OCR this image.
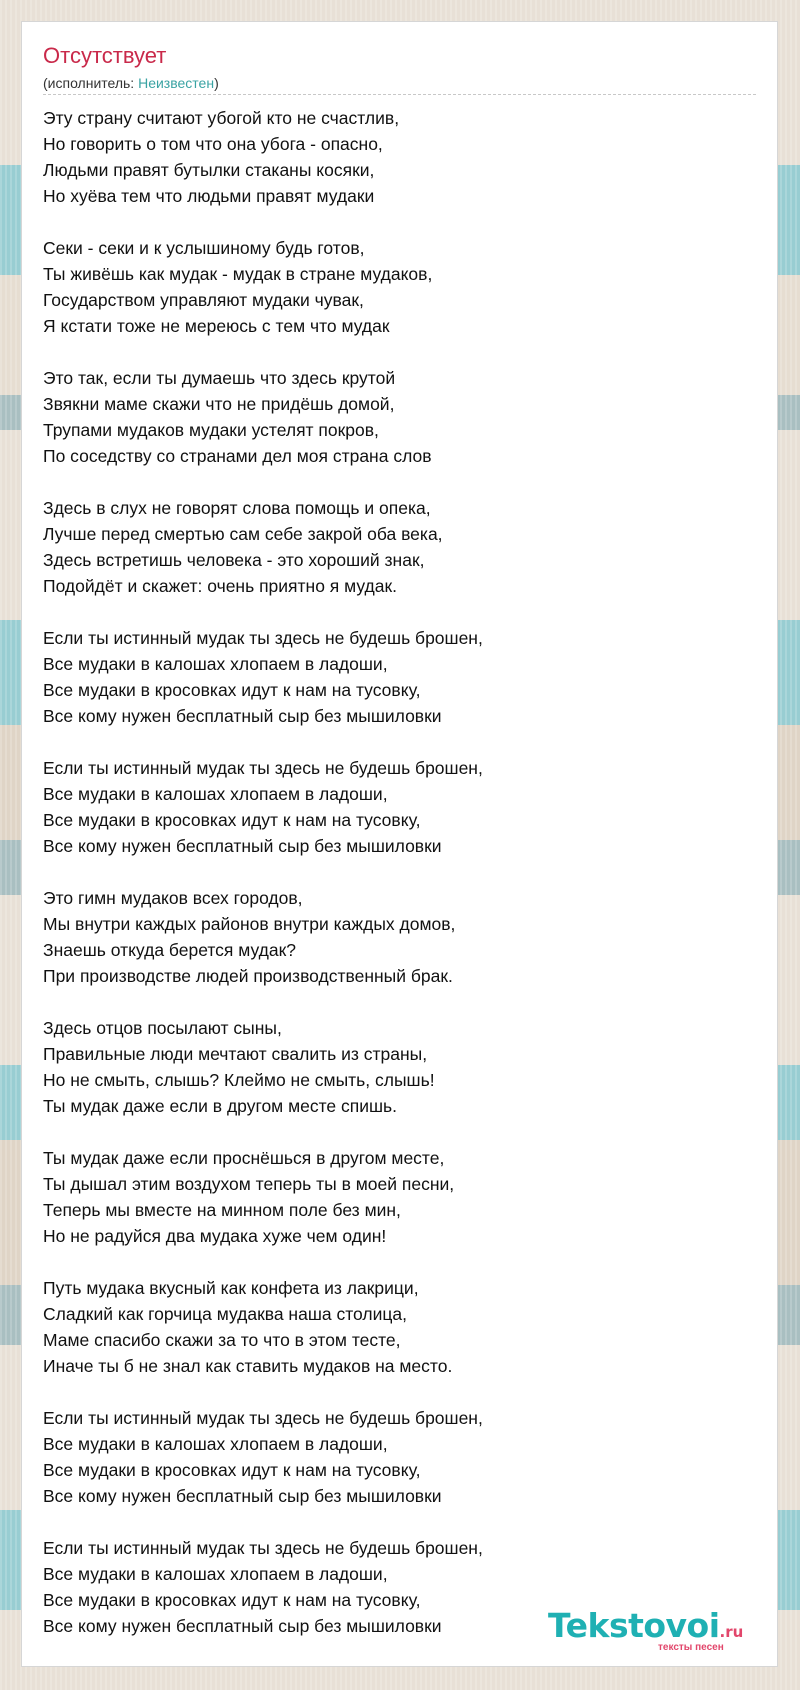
Отсутствует
(исполнитель: Неизвестен)
Эту страну считают убогой кто не счастлив,
Но говорить о том что она убога - опасно,
Людьми правят бутылки стаканы косяки,
Но хуёва тем что людьми правят мудаки
Секи - секи и к услышиному будь готов,
Ты живёшь как мудак - мудак в стране мудаков,
Государством управляют мудаки чувак,
Я кстати тоже не мереюсь с тем что мудак
Это так, если ты думаешь что здесь крутой
Звякни маме скажи что не придёшь домой,
Трупами мудаков мудаки устелят покров,
По соседству со странами дел моя страна слов
Здесь в слух не говорят слова помощь и опека,
Лучше перед смертью сам себе закрой оба века,
Здесь встретишь человека - это хороший знак,
Подойдёт и скажет: очень приятно я мудак.
Если ты истинный мудак ты здесь не будешь брошен,
Все мудаки в калошах хлопаем в ладоши,
Все мудаки в кросовках идут к нам на тусовку,
Все кому нужен бесплатный сыр без мышиловки
Если ты истинный мудак ты здесь не будешь брошен,
Все мудаки в калошах хлопаем в ладоши,
Все мудаки в кросовках идут к нам на тусовку,
Все кому нужен бесплатный сыр без мышиловки
Это гимн мудаков всех городов,
Мы внутри каждых районов внутри каждых домов,
Знаешь откуда берется мудак?
При производстве людей производственный брак.
Здесь отцов посылают сыны,
Правильные люди мечтают свалить из страны,
Но не смыть, слышь? Клеймо не смыть, слышь!
Ты мудак даже если в другом месте спишь.
Ты мудак даже если проснёшься в другом месте,
Ты дышал этим воздухом теперь ты в моей песни,
Теперь мы вместе на минном поле без мин,
Но не радуйся два мудака хуже чем один!
Путь мудака вкусный как конфета из лакрици,
Сладкий как горчица мудаква наша столица,
Маме спасибо скажи за то что в этом тесте,
Иначе ты б не знал как ставить мудаков на место.
Если ты истинный мудак ты здесь не будешь брошен,
Все мудаки в калошах хлопаем в ладоши,
Все мудаки в кросовках идут к нам на тусовку,
Все кому нужен бесплатный сыр без мышиловки
Если ты истинный мудак ты здесь не будешь брошен,
Все мудаки в калошах хлопаем в ладоши,
Все мудаки в кросовках идут к нам на тусовку,
Все кому нужен бесплатный сыр без мышиловки	Tekstovoi.ru
тексты песен
